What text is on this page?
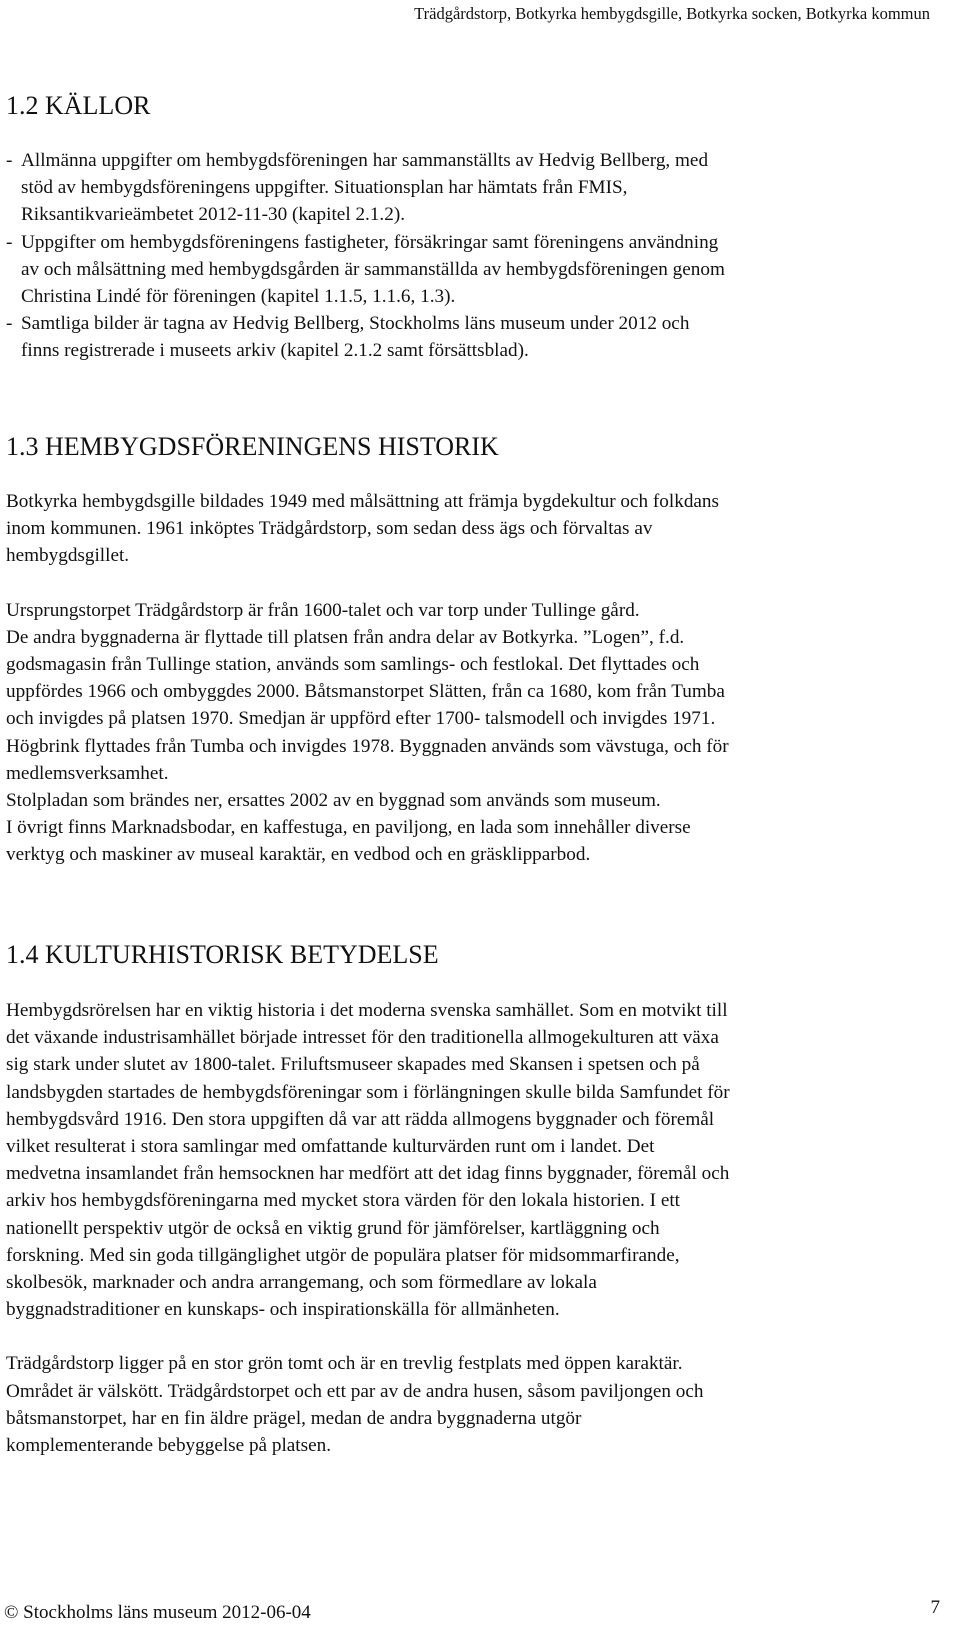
Trädgårdstorp, Botkyrka hembygdsgille, Botkyrka socken, Botkyrka kommun
1.2 KÄLLOR
- Allmänna uppgifter om hembygdsföreningen har sammanställts av Hedvig Bellberg, med
stöd av hembygdsföreningens uppgifter. Situationsplan har hämtats från FMIS,
Riksantikvarieämbetet 2012-11-30 (kapitel 2.1.2).
- Uppgifter om hembygdsföreningens fastigheter, försäkringar samt föreningens användning
av och målsättning med hembygdsgården är sammanställda av hembygdsföreningen genom
Christina Lindé för föreningen (kapitel 1.1.5, 1.1.6, 1.3).
- Samtliga bilder är tagna av Hedvig Bellberg, Stockholms läns museum under 2012 och
finns registrerade i museets arkiv (kapitel 2.1.2 samt försättsblad).
1.3 HEMBYGDSFÖRENINGENS HISTORIK

Botkyrka hembygdsgille bildades 1949 med målsättning att främja bygdekultur och folkdans
inom kommunen. 1961 inköptes Trädgårdstorp, som sedan dess ägs och förvaltas av
hembygdsgillet.

Ursprungstorpet Trädgårdstorp är från 1600-talet och var torp under Tullinge gård.
De andra byggnaderna är flyttade till platsen från andra delar av Botkyrka. ”Logen”, f.d.
godsmagasin från Tullinge station, används som samlings- och festlokal. Det flyttades och
uppfördes 1966 och ombyggdes 2000. Båtsmanstorpet Slätten, från ca 1680, kom från Tumba
och invigdes på platsen 1970. Smedjan är uppförd efter 1700- talsmodell och invigdes 1971.
Högbrink flyttades från Tumba och invigdes 1978. Byggnaden används som vävstuga, och för
medlemsverksamhet.
Stolpladan som brändes ner, ersattes 2002 av en byggnad som används som museum.
I övrigt finns Marknadsbodar, en kaffestuga, en paviljong, en lada som innehåller diverse
verktyg och maskiner av museal karaktär, en vedbod och en gräsklipparbod.

1.4 KULTURHISTORISK BETYDELSE

Hembygdsrörelsen har en viktig historia i det moderna svenska samhället. Som en motvikt till
det växande industrisamhället började intresset för den traditionella allmogekulturen att växa
sig stark under slutet av 1800-talet. Friluftsmuseer skapades med Skansen i spetsen och på
landsbygden startades de hembygdsföreningar som i förlängningen skulle bilda Samfundet för
hembygdsvård 1916. Den stora uppgiften då var att rädda allmogens byggnader och föremål
vilket resulterat i stora samlingar med omfattande kulturvärden runt om i landet. Det
medvetna insamlandet från hemsocknen har medfört att det idag finns byggnader, föremål och
arkiv hos hembygdsföreningarna med mycket stora värden för den lokala historien. I ett
nationellt perspektiv utgör de också en viktig grund för jämförelser, kartläggning och
forskning. Med sin goda tillgänglighet utgör de populära platser för midsommarfirande,
skolbesök, marknader och andra arrangemang, och som förmedlare av lokala
byggnadstraditioner en kunskaps- och inspirationskälla för allmänheten.

Trädgårdstorp ligger på en stor grön tomt och är en trevlig festplats med öppen karaktär.
Området är välskött. Trädgårdstorpet och ett par av de andra husen, såsom paviljongen och
båtsmanstorpet, har en fin äldre prägel, medan de andra byggnaderna utgör
komplementerande bebyggelse på platsen.

© Stockholms läns museum 2012-06-04	7
